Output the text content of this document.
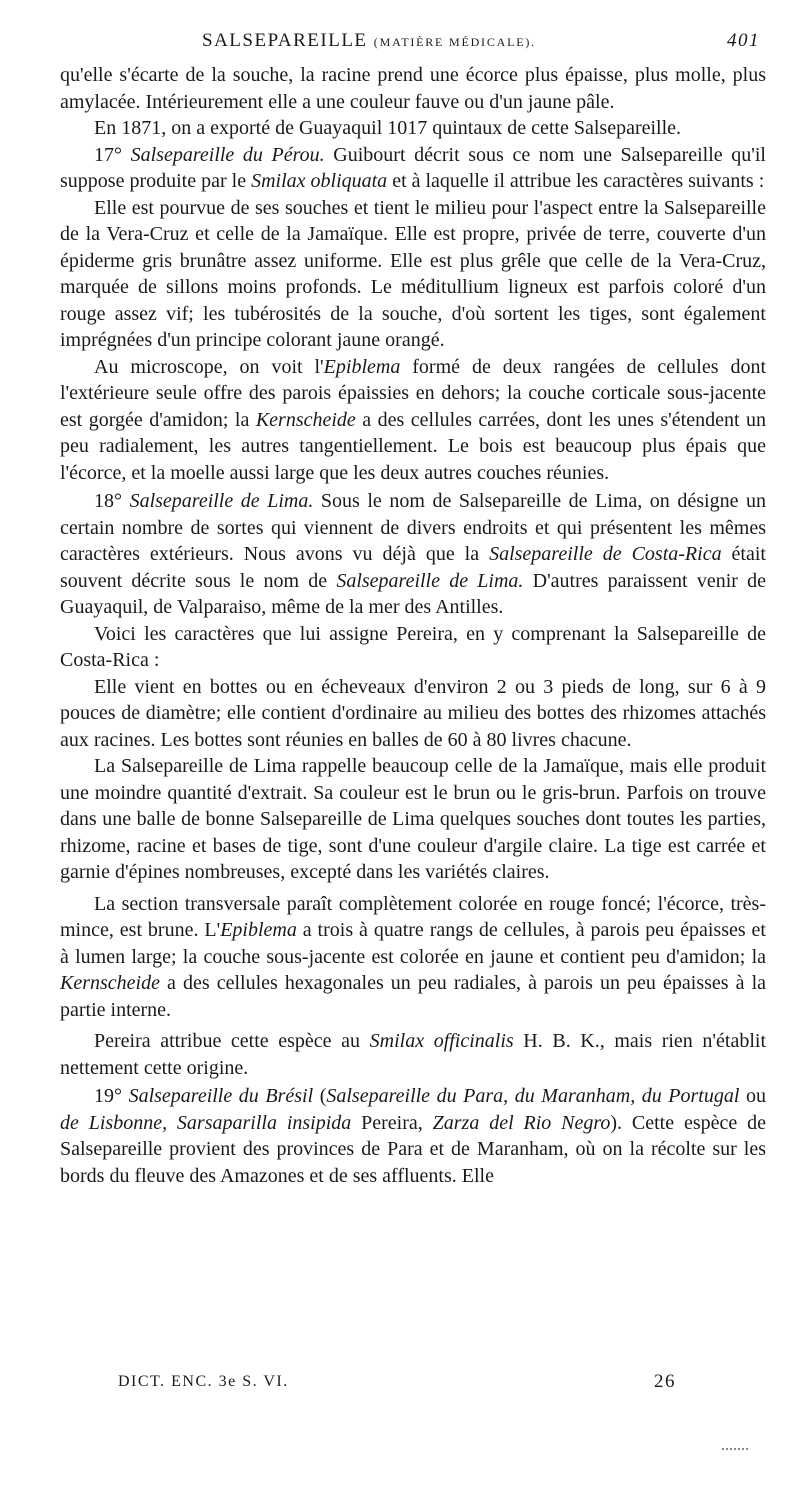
SALSEPAREILLE (MATIÈRE MÉDICALE).	401

qu'elle s'écarte de la souche, la racine prend une écorce plus épaisse, plus molle, plus amylacée. Intérieurement elle a une couleur fauve ou d'un jaune pâle.

En 1871, on a exporté de Guayaquil 1017 quintaux de cette Salsepareille.

17° Salsepareille du Pérou. Guibourt décrit sous ce nom une Salsepareille qu'il suppose produite par le Smilax obliquata et à laquelle il attribue les caractères suivants :

Elle est pourvue de ses souches et tient le milieu pour l'aspect entre la Salsepareille de la Vera-Cruz et celle de la Jamaïque. Elle est propre, privée de terre, couverte d'un épiderme gris brunâtre assez uniforme. Elle est plus grêle que celle de la Vera-Cruz, marquée de sillons moins profonds. Le méditullium ligneux est parfois coloré d'un rouge assez vif; les tubérosités de la souche, d'où sortent les tiges, sont également imprégnées d'un principe colorant jaune orangé.

Au microscope, on voit l'Epiblema formé de deux rangées de cellules dont l'extérieure seule offre des parois épaissies en dehors; la couche corticale sous-jacente est gorgée d'amidon; la Kernscheide a des cellules carrées, dont les unes s'étendent un peu radialement, les autres tangentiellement. Le bois est beaucoup plus épais que l'écorce, et la moelle aussi large que les deux autres couches réunies.

18° Salsepareille de Lima. Sous le nom de Salsepareille de Lima, on désigne un certain nombre de sortes qui viennent de divers endroits et qui présentent les mêmes caractères extérieurs. Nous avons vu déjà que la Salsepareille de Costa-Rica était souvent décrite sous le nom de Salsepareille de Lima. D'autres paraissent venir de Guayaquil, de Valparaiso, même de la mer des Antilles.

Voici les caractères que lui assigne Pereira, en y comprenant la Salsepareille de Costa-Rica :

Elle vient en bottes ou en écheveaux d'environ 2 ou 3 pieds de long, sur 6 à 9 pouces de diamètre; elle contient d'ordinaire au milieu des bottes des rhizomes attachés aux racines. Les bottes sont réunies en balles de 60 à 80 livres chacune.

La Salsepareille de Lima rappelle beaucoup celle de la Jamaïque, mais elle produit une moindre quantité d'extrait. Sa couleur est le brun ou le gris-brun. Parfois on trouve dans une balle de bonne Salsepareille de Lima quelques souches dont toutes les parties, rhizome, racine et bases de tige, sont d'une couleur d'argile claire. La tige est carrée et garnie d'épines nombreuses, excepté dans les variétés claires.

La section transversale paraît complètement colorée en rouge foncé; l'écorce, très-mince, est brune. L'Epiblema a trois à quatre rangs de cellules, à parois peu épaisses et à lumen large; la couche sous-jacente est colorée en jaune et contient peu d'amidon; la Kernscheide a des cellules hexagonales un peu radiales, à parois un peu épaisses à la partie interne.

Pereira attribue cette espèce au Smilax officinalis H. B. K., mais rien n'établit nettement cette origine.

19° Salsepareille du Brésil (Salsepareille du Para, du Maranham, du Portugal ou de Lisbonne, Sarsaparilla insipida Pereira, Zarza del Rio Negro). Cette espèce de Salsepareille provient des provinces de Para et de Maranham, où on la récolte sur les bords du fleuve des Amazones et de ses affluents. Elle

DICT. ENC. 3e S. VI.	26
